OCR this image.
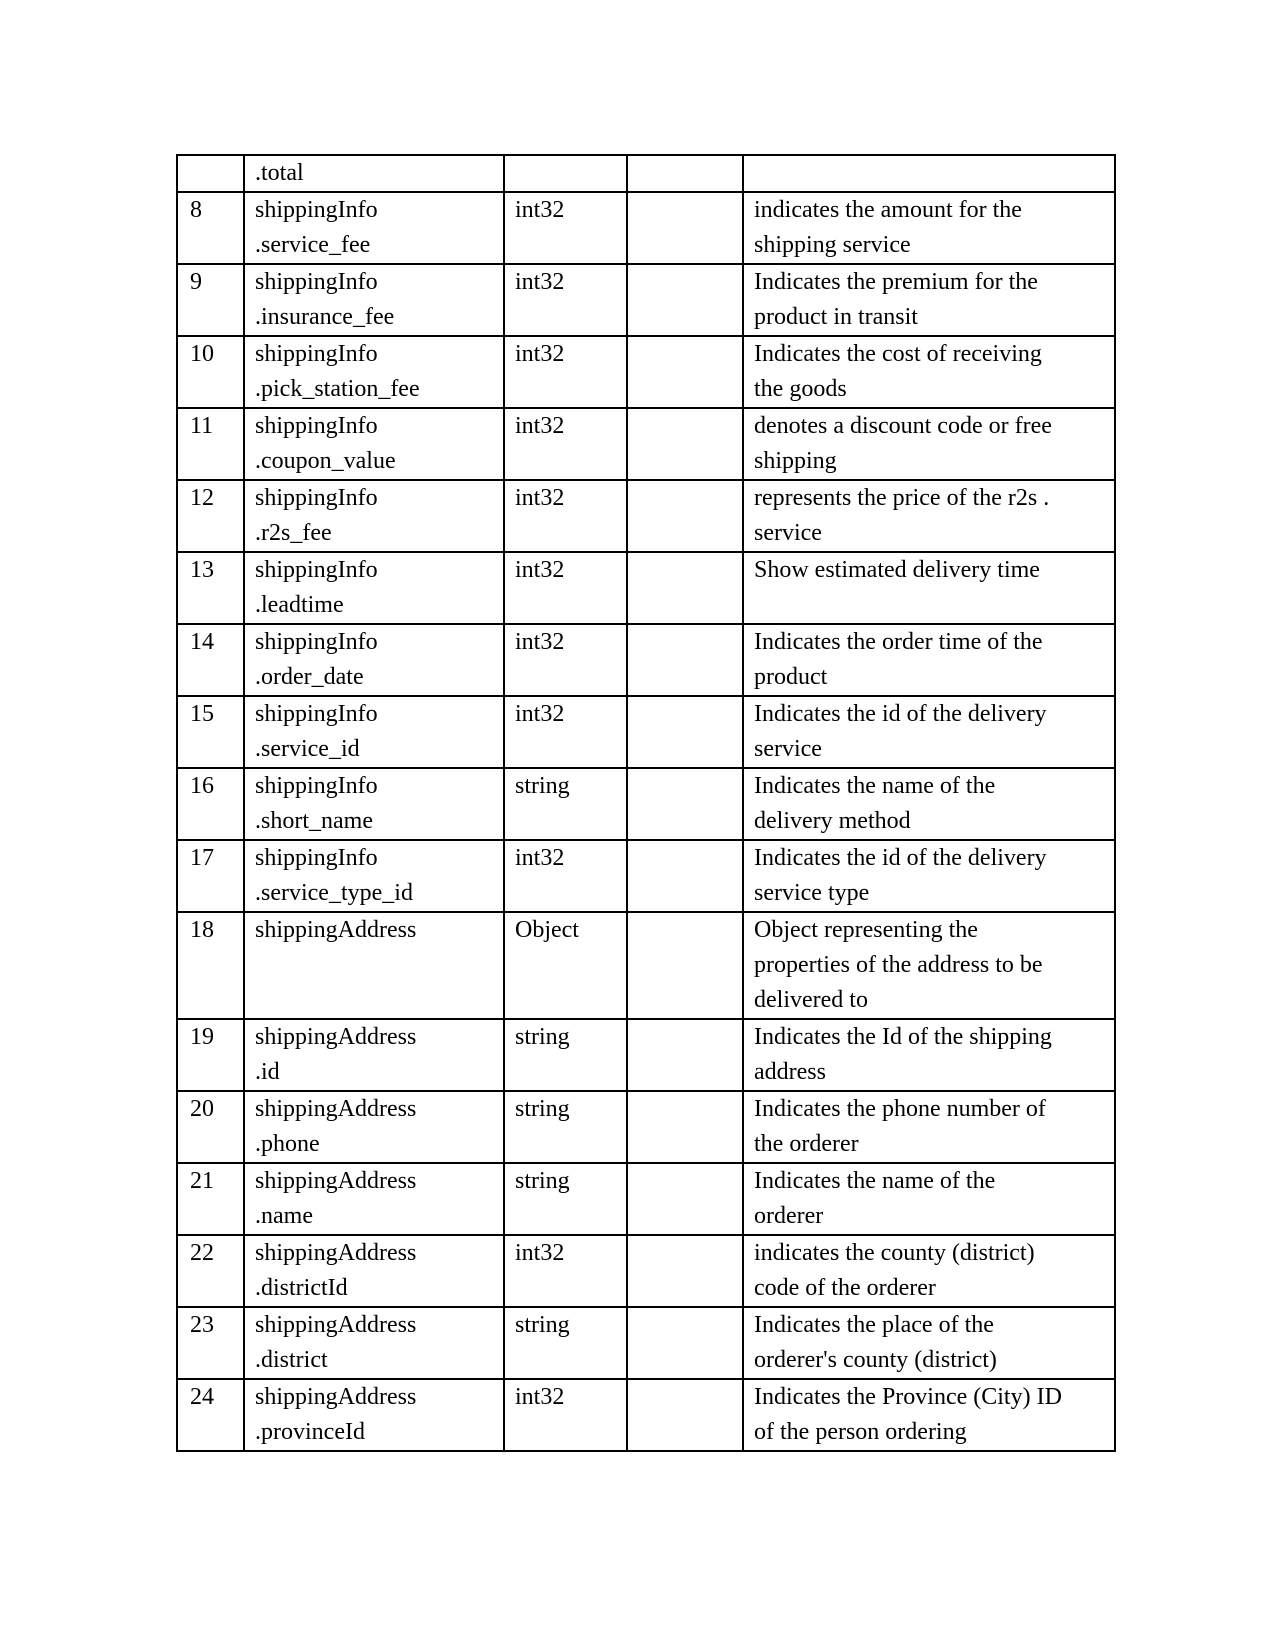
	.total			

8	shippingInfo
.service_fee	int32		indicates the amount for the
shipping service

9	shippingInfo
.insurance_fee	int32		Indicates the premium for the
product in transit

10	shippingInfo
.pick_station_fee	int32		Indicates the cost of receiving
the goods

11	shippingInfo
.coupon_value	int32		denotes a discount code or free
shipping

12	shippingInfo
.r2s_fee	int32		represents the price of the r2s .
service

13	shippingInfo
.leadtime	int32		Show estimated delivery time

14	shippingInfo
.order_date	int32		Indicates the order time of the
product

15	shippingInfo
.service_id	int32		Indicates the id of the delivery
service

16	shippingInfo
.short_name	string		Indicates the name of the
delivery method

17	shippingInfo
.service_type_id	int32		Indicates the id of the delivery
service type

18	shippingAddress	Object		Object representing the
properties of the address to be
delivered to

19	shippingAddress
.id	string		Indicates the Id of the shipping
address

20	shippingAddress
.phone	string		Indicates the phone number of
the orderer

21	shippingAddress
.name	string		Indicates the name of the
orderer

22	shippingAddress
.districtId	int32		indicates the county (district)
code of the orderer

23	shippingAddress
.district	string		Indicates the place of the
orderer's county (district)

24	shippingAddress
.provinceId	int32		Indicates the Province (City) ID
of the person ordering
